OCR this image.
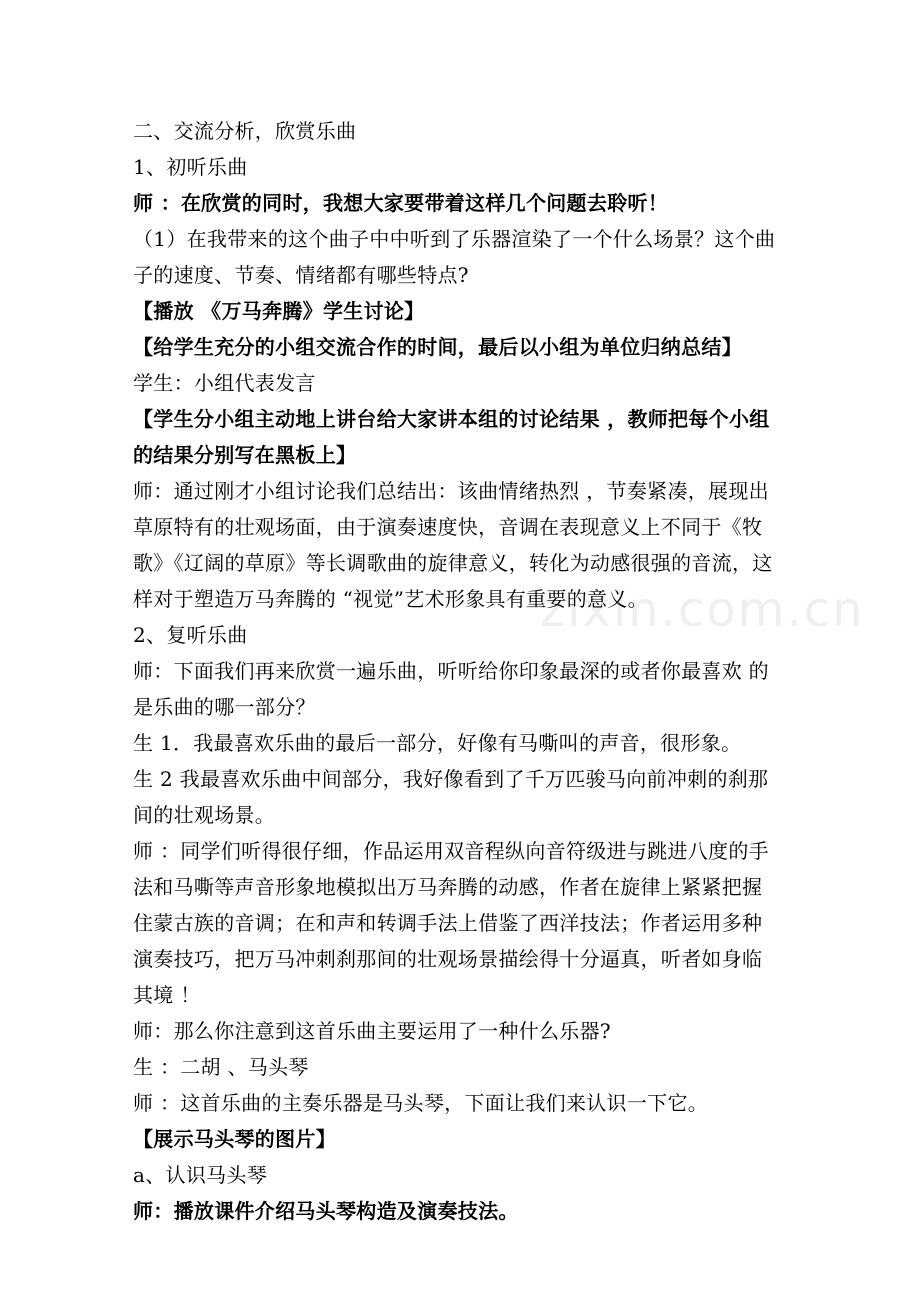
zixin.com.cn
二、交流分析，欣赏乐曲
1、初听乐曲
师 ：在欣赏的同时，我想大家要带着这样几个问题去聆听！
（1）在我带来的这个曲子中中听到了乐器渲染了一个什么场景？这个曲
子的速度、节奏、情绪都有哪些特点?
【播放 《万马奔腾》学生讨论】
【给学生充分的小组交流合作的时间，最后以小组为单位归纳总结】
学生：小组代表发言
【学生分小组主动地上讲台给大家讲本组的讨论结果 ，教师把每个小组
的结果分别写在黑板上】
师：通过刚才小组讨论我们总结出：该曲情绪热烈 ，节奏紧凑，展现出
草原特有的壮观场面，由于演奏速度快，音调在表现意义上不同于《牧
歌》《辽阔的草原》等长调歌曲的旋律意义，转化为动感很强的音流，这
样对于塑造万马奔腾的 “视觉”艺术形象具有重要的意义。
2、复听乐曲
师：下面我们再来欣赏一遍乐曲，听听给你印象最深的或者你最喜欢 的
是乐曲的哪一部分？
生 1．我最喜欢乐曲的最后一部分，好像有马嘶叫的声音，很形象。
生 2 我最喜欢乐曲中间部分，我好像看到了千万匹骏马向前冲刺的刹那
间的壮观场景。
师 ：同学们听得很仔细，作品运用双音程纵向音符级进与跳进八度的手
法和马嘶等声音形象地模拟出万马奔腾的动感，作者在旋律上紧紧把握
住蒙古族的音调；在和声和转调手法上借鉴了西洋技法；作者运用多种
演奏技巧，把万马冲刺刹那间的壮观场景描绘得十分逼真，听者如身临
其境 ！
师：那么你注意到这首乐曲主要运用了一种什么乐器?
生 ：二胡 、马头琴
师 ：这首乐曲的主奏乐器是马头琴，下面让我们来认识一下它。
【展示马头琴的图片】
a、认识马头琴
师：播放课件介绍马头琴构造及演奏技法。
